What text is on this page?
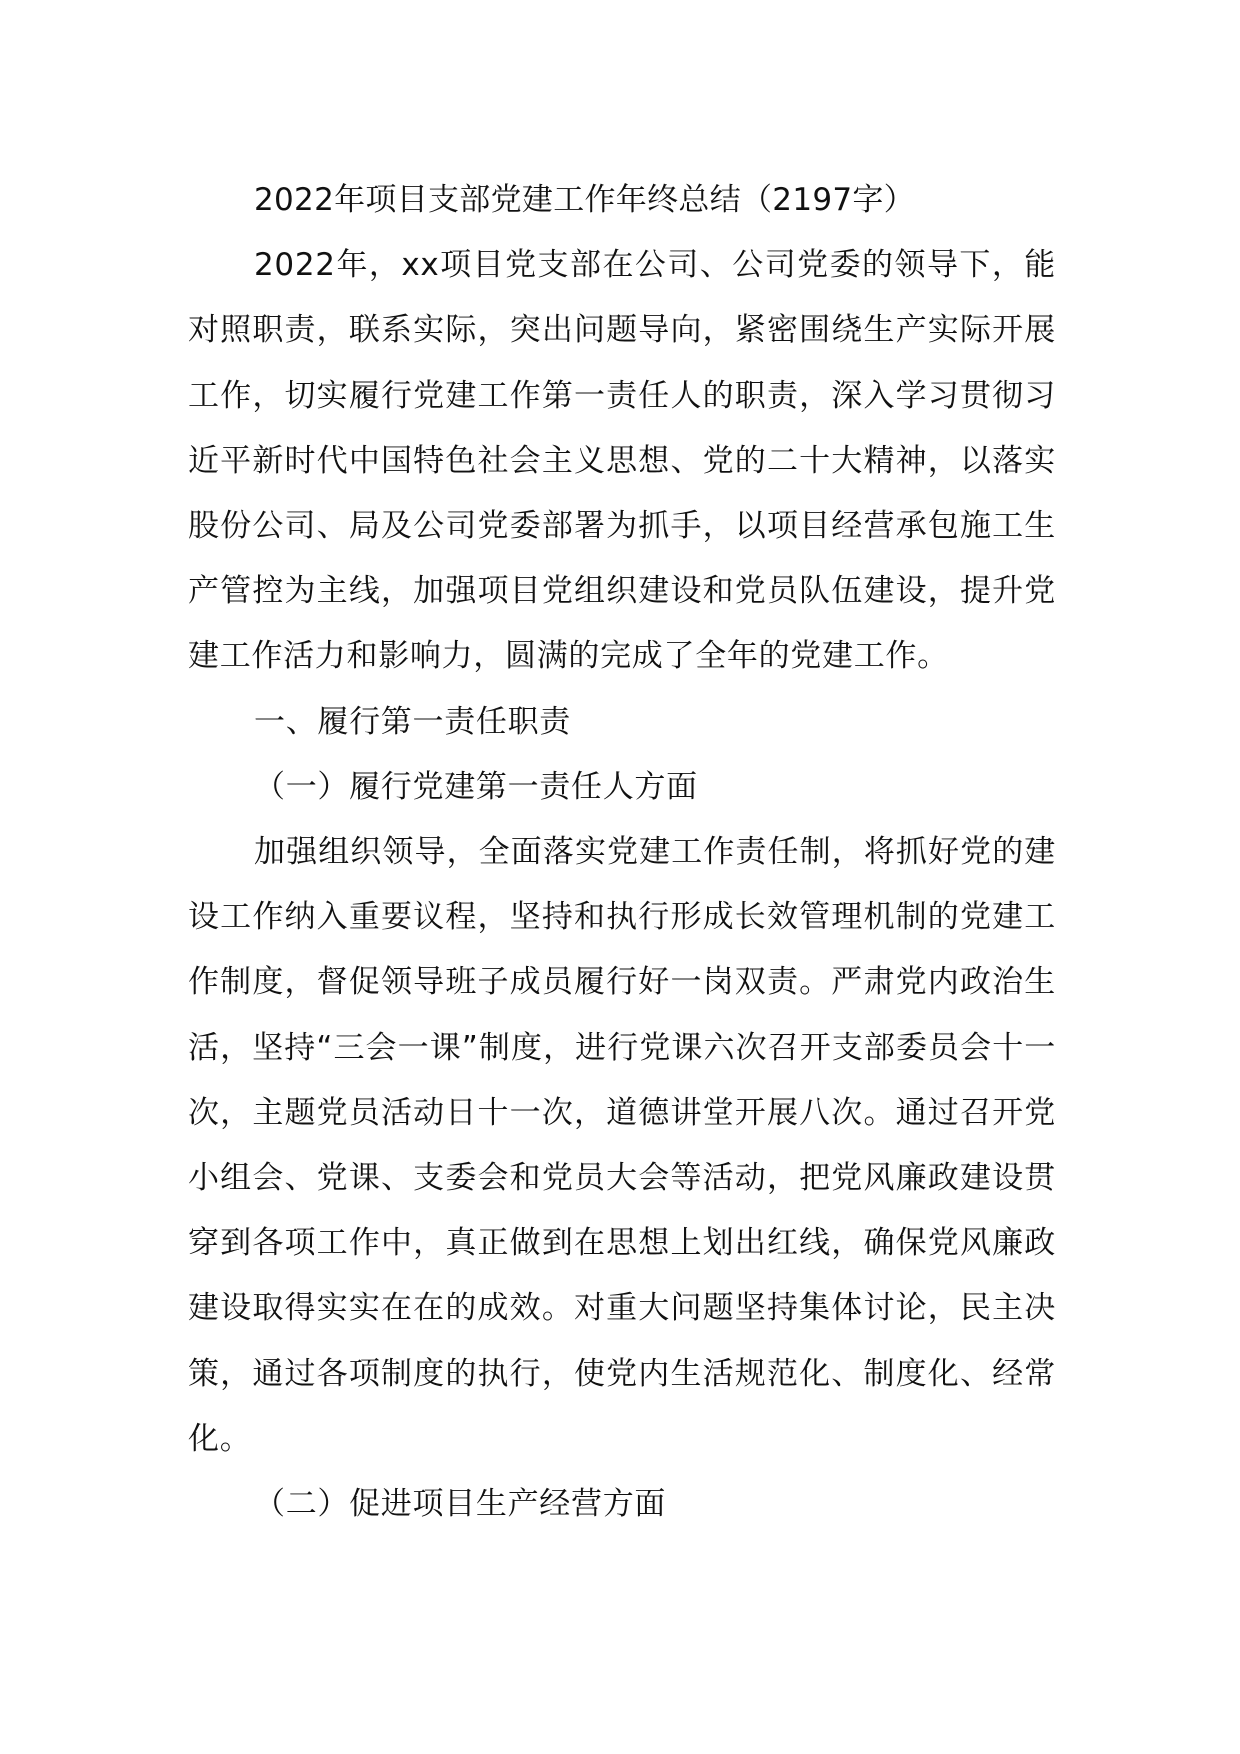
2022年项目支部党建工作年终总结（2197字）

2022年，xx项目党支部在公司、公司党委的领导下，能对照职责，联系实际，突出问题导向，紧密围绕生产实际开展工作，切实履行党建工作第一责任人的职责，深入学习贯彻习近平新时代中国特色社会主义思想、党的二十大精神，以落实股份公司、局及公司党委部署为抓手，以项目经营承包施工生产管控为主线，加强项目党组织建设和党员队伍建设，提升党建工作活力和影响力，圆满的完成了全年的党建工作。

一、履行第一责任职责

（一）履行党建第一责任人方面

加强组织领导，全面落实党建工作责任制，将抓好党的建设工作纳入重要议程，坚持和执行形成长效管理机制的党建工作制度，督促领导班子成员履行好一岗双责。严肃党内政治生活，坚持“三会一课”制度，进行党课六次召开支部委员会十一次，主题党员活动日十一次，道德讲堂开展八次。通过召开党小组会、党课、支委会和党员大会等活动，把党风廉政建设贯穿到各项工作中，真正做到在思想上划出红线，确保党风廉政建设取得实实在在的成效。对重大问题坚持集体讨论，民主决策，通过各项制度的执行，使党内生活规范化、制度化、经常化。

（二）促进项目生产经营方面
